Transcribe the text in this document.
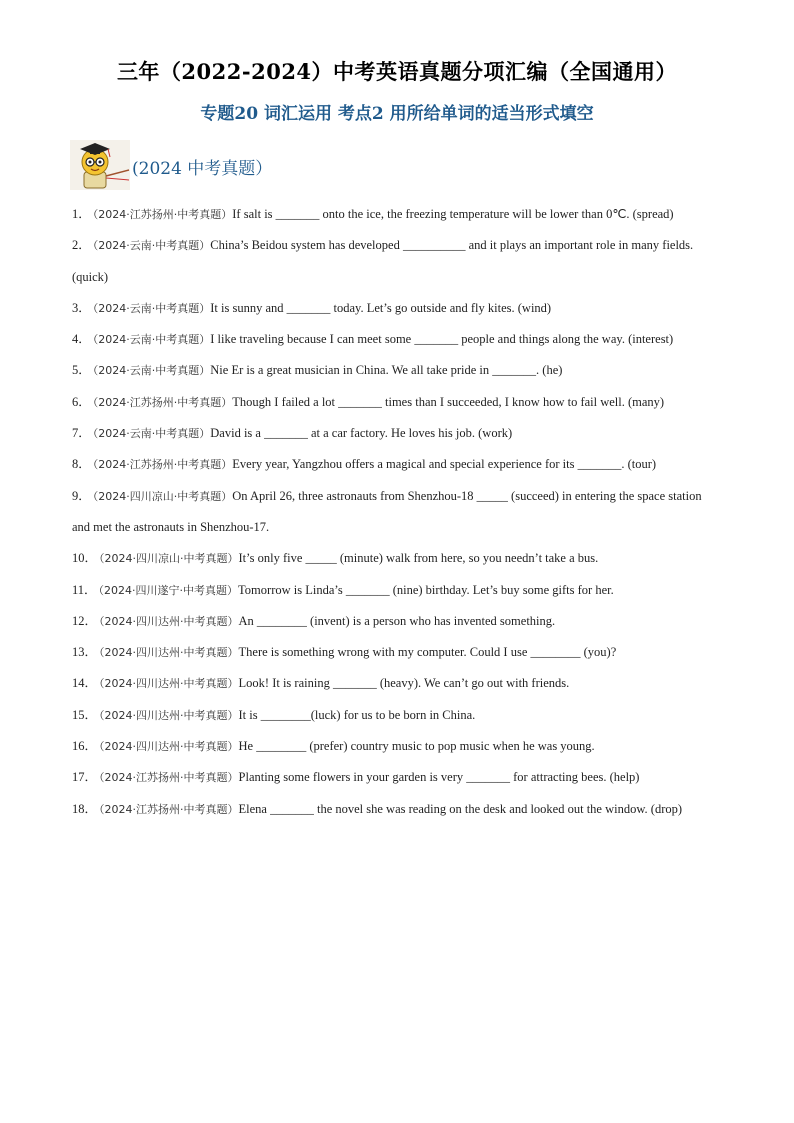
三年（2022-2024）中考英语真题分项汇编（全国通用）
专题20 词汇运用 考点2 用所给单词的适当形式填空
(2024 中考真题）
1． （2024·江苏扬州·中考真题）If salt is _______ onto the ice, the freezing temperature will be lower than 0℃. (spread)
2． （2024·云南·中考真题）China’s Beidou system has developed __________ and it plays an important role in many fields. (quick)
3． （2024·云南·中考真题）It is sunny and _______ today. Let’s go outside and fly kites. (wind)
4． （2024·云南·中考真题）I like traveling because I can meet some _______ people and things along the way. (interest)
5． （2024·云南·中考真题）Nie Er is a great musician in China. We all take pride in _______. (he)
6． （2024·江苏扬州·中考真题）Though I failed a lot _______ times than I succeeded, I know how to fail well. (many)
7． （2024·云南·中考真题）David is a _______ at a car factory. He loves his job. (work)
8． （2024·江苏扬州·中考真题）Every year, Yangzhou offers a magical and special experience for its _______. (tour)
9． （2024·四川凉山·中考真题）On April 26, three astronauts from Shenzhou-18 _____ (succeed) in entering the space station and met the astronauts in Shenzhou-17.
10． （2024·四川凉山·中考真题）It’s only five _____ (minute) walk from here, so you needn’t take a bus.
11． （2024·四川遂宁·中考真题）Tomorrow is Linda’s _______ (nine) birthday. Let’s buy some gifts for her.
12． （2024·四川达州·中考真题）An ________ (invent) is a person who has invented something.
13． （2024·四川达州·中考真题）There is something wrong with my computer. Could I use ________ (you)?
14． （2024·四川达州·中考真题）Look! It is raining _______ (heavy). We can’t go out with friends.
15． （2024·四川达州·中考真题）It is ________(luck) for us to be born in China.
16． （2024·四川达州·中考真题）He ________ (prefer) country music to pop music when he was young.
17． （2024·江苏扬州·中考真题）Planting some flowers in your garden is very _______ for attracting bees. (help)
18． （2024·江苏扬州·中考真题）Elena _______ the novel she was reading on the desk and looked out the window. (drop)
